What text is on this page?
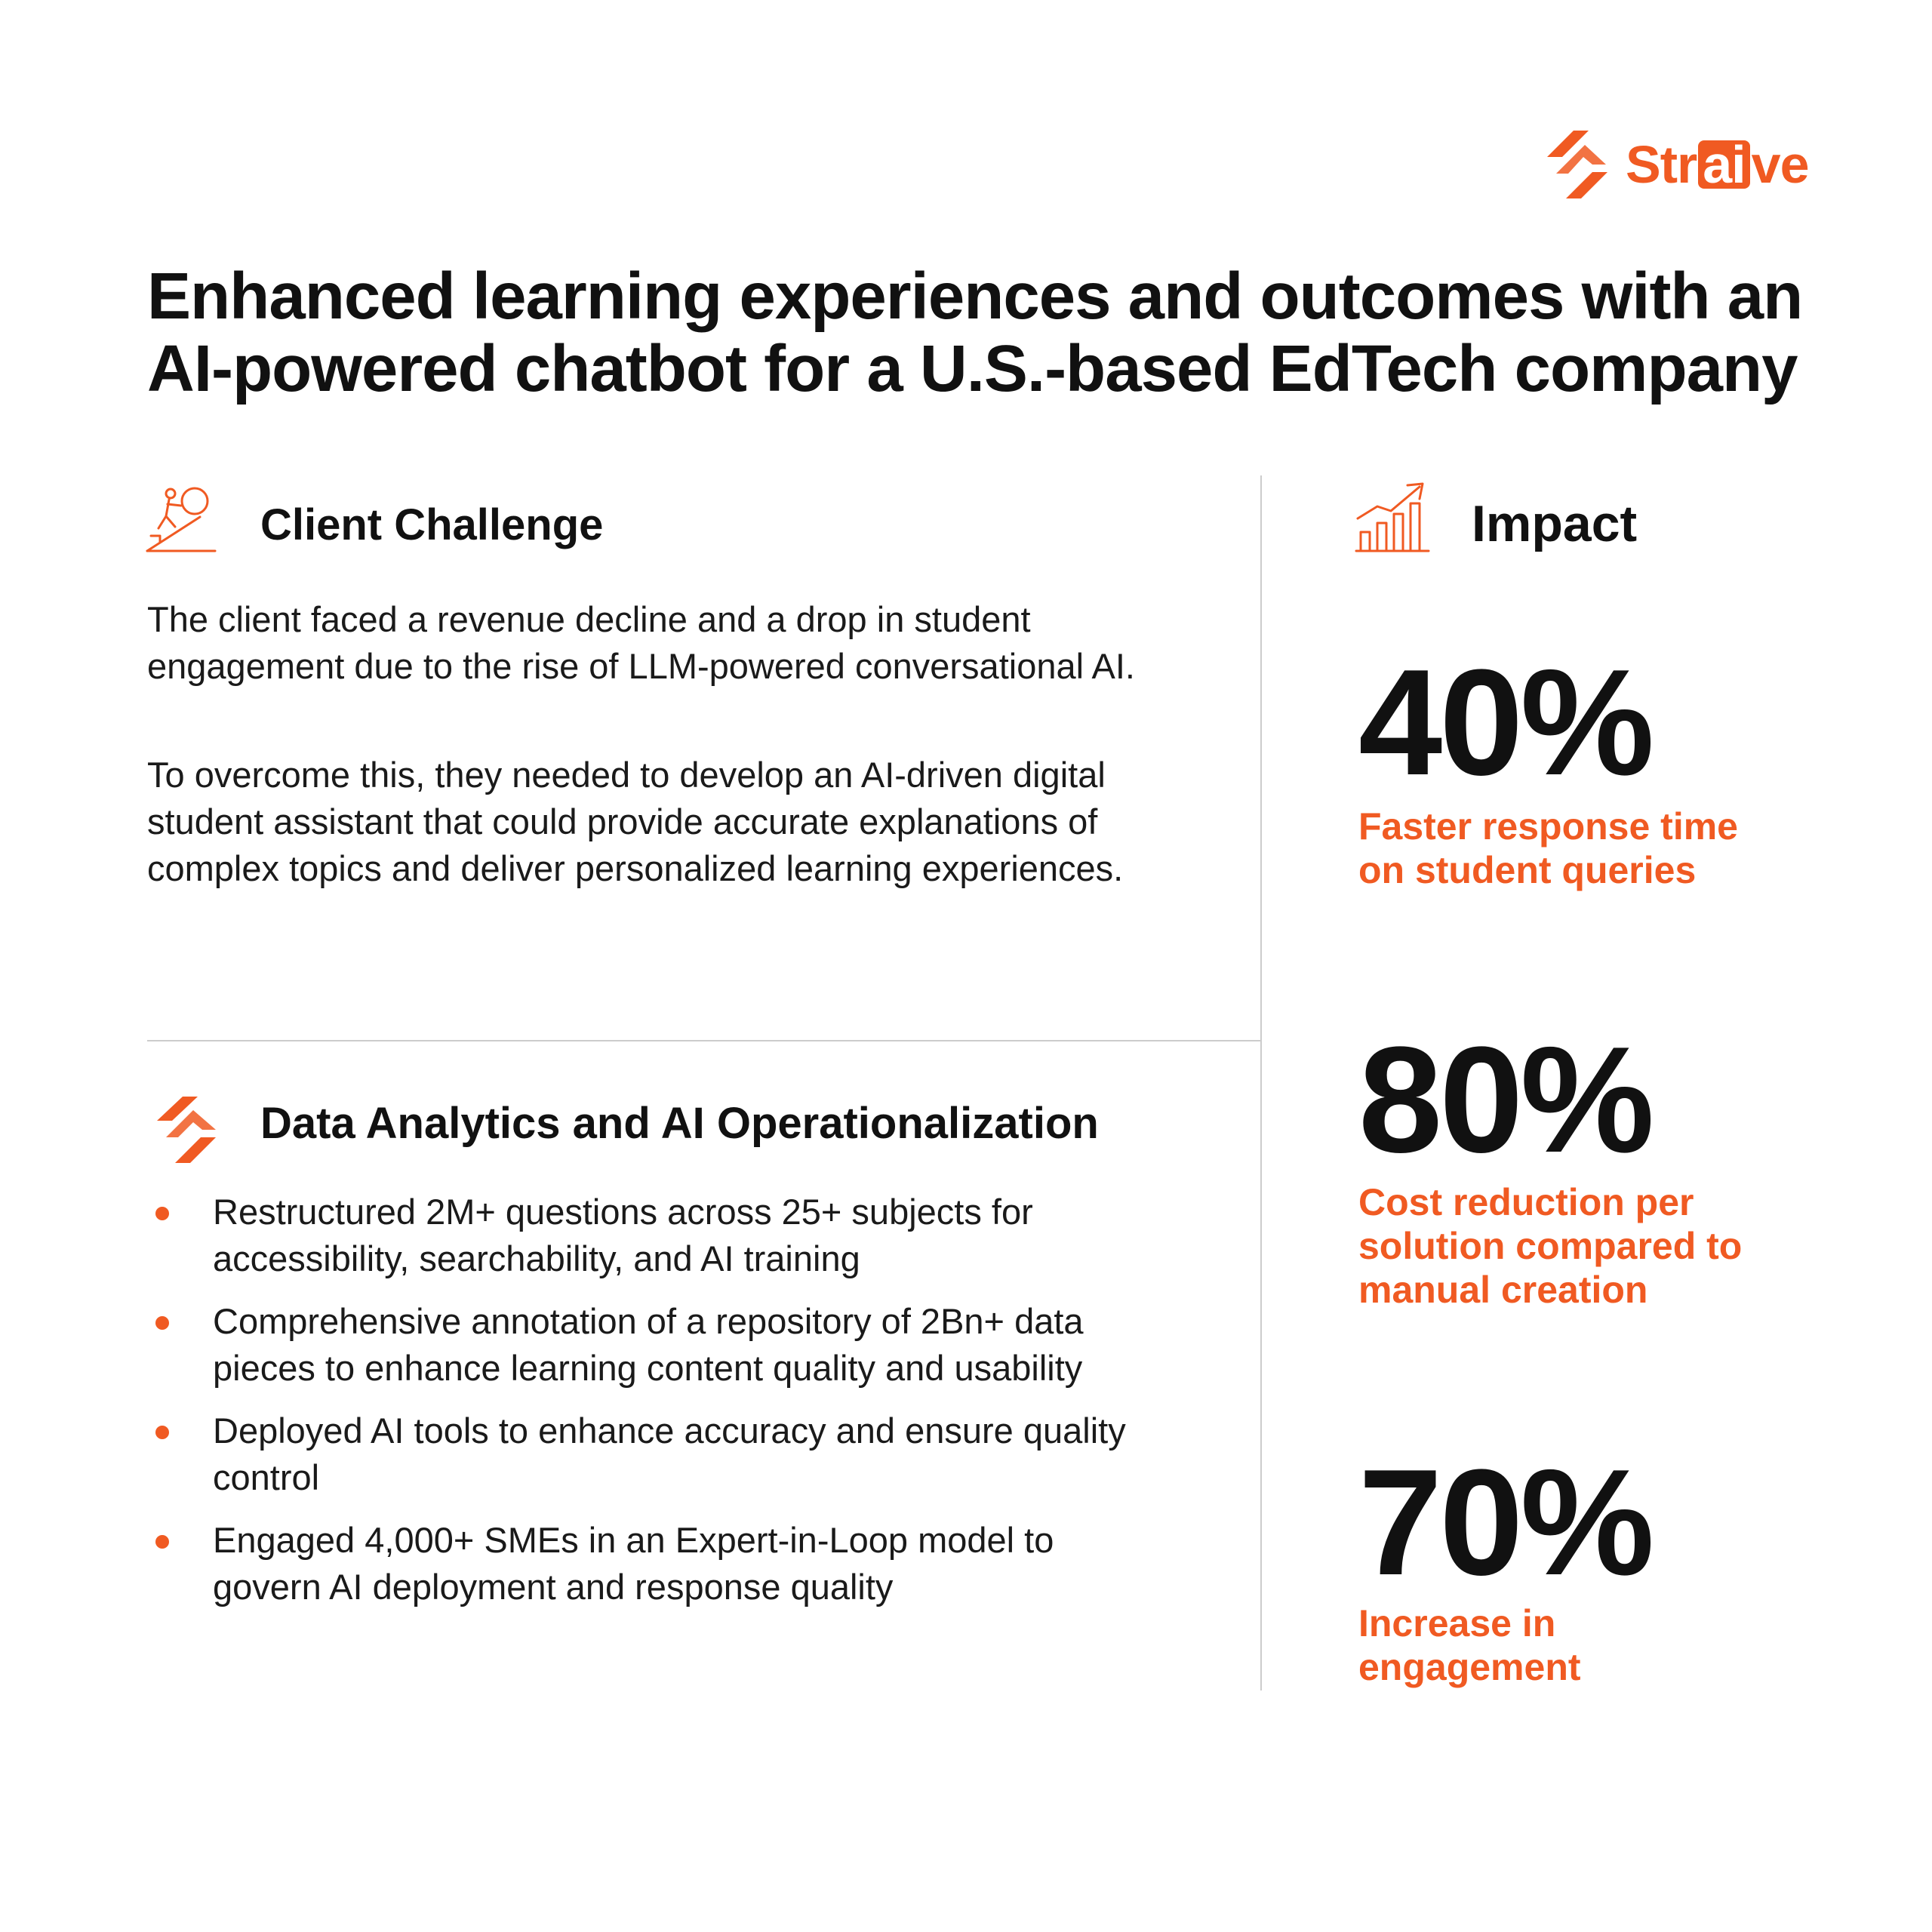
Str ai ve
Enhanced learning experiences and outcomes with an
AI-powered chatbot for a U.S.-based EdTech company
Client Challenge

The client faced a revenue decline and a drop in student engagement due to the rise of LLM-powered conversational AI.

To overcome this, they needed to develop an AI-driven digital student assistant that could provide accurate explanations of complex topics and deliver personalized learning experiences.

Data Analytics and AI Operationalization
Restructured 2M+ questions across 25+ subjects for accessibility, searchability, and AI training
Comprehensive annotation of a repository of 2Bn+ data pieces to enhance learning content quality and usability
Deployed AI tools to enhance accuracy and ensure quality control
Engaged 4,000+ SMEs in an Expert-in-Loop model to govern AI deployment and response quality
Impact
40%
Faster response time on student queries
80%
Cost reduction per solution compared to manual creation
70%
Increase in engagement
